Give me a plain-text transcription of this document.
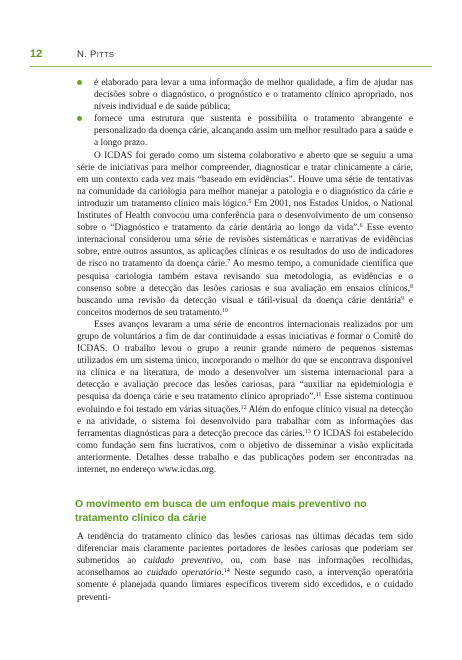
12	N. PITTS
é elaborado para levar a uma informação de melhor qualidade, a fim de ajudar nas decisões sobre o diagnóstico, o prognóstico e o tratamento clínico apropriado, nos níveis individual e de saúde pública;
fornece uma estrutura que sustenta e possibilita o tratamento abrangente e personalizado da doença cárie, alcançando assim um melhor resultado para a saúde e a longo prazo.

O ICDAS foi gerado como um sistema colaborativo e aberto que se seguiu a uma série de iniciativas para melhor compreender, diagnosticar e tratar clinicamente a cárie, em um contexto cada vez mais “baseado em evidências”. Houve uma série de tentativas na comunidade da cariologia para melhor manejar a patologia e o diagnóstico da cárie e introduzir um tratamento clínico mais lógico.$^5$ Em 2001, nos Estados Unidos, o National Institutes of Health convocou uma conferência para o desenvolvimento de um consenso sobre o “Diagnóstico e tratamento da cárie dentária ao longo da vida”.$^6$ Esse evento internacional considerou uma série de revisões sistemáticas e narrativas de evidências sobre, entre outros assuntos, as aplicações clínicas e os resultados do uso de indicadores de risco no tratamento da doença cárie.$^7$ Ao mesmo tempo, a comunidade científica que pesquisa cariologia também estava revisando sua metodologia, as evidências e o consenso sobre a detecção das lesões cariosas e sua avaliação em ensaios clínicos,$^8$ buscando uma revisão da detecção visual e tátil-visual da doença cárie dentária$^9$ e conceitos modernos de seu tratamento.$^{10}$

Esses avanços levaram a uma série de encontros internacionais realizados por um grupo de voluntários a fim de dar continuidade a essas iniciativas e formar o Comitê do ICDAS. O trabalho levou o grupo a reunir grande número de pequenos sistemas utilizados em um sistema único, incorporando o melhor do que se encontrava disponível na clínica e na literatura, de modo a desenvolver um sistema internacional para a detecção e avaliação precoce das lesões cariosas, para “auxiliar na epidemiologia e pesquisa da doença cárie e seu tratamento clínico apropriado”.$^{11}$ Esse sistema continuou evoluindo e foi testado em várias situações.$^{12}$ Além do enfoque clínico visual na detecção e na atividade, o sistema foi desenvolvido para trabalhar com as informações das ferramentas diagnósticas para a detecção precoce das cáries.$^{13}$ O ICDAS foi estabelecido como fundação sem fins lucrativos, com o objetivo de disseminar a visão explicitada anteriormente. Detalhes desse trabalho e das publicações podem ser encontradas na internet, no endereço www.icdas.org.

O movimento em busca de um enfoque mais preventivo no tratamento clínico da cárie

A tendência do tratamento clínico das lesões cariosas nas últimas décadas tem sido diferenciar mais claramente pacientes portadores de lesões cariosas que poderiam ser submetidos ao cuidado preventivo, ou, com base nas informações recolhidas, aconselhamos ao cuidado operatório.$^{14}$ Neste segundo caso, a intervenção operatória somente é planejada quando limiares específicos tiverem sido excedidos, e o cuidado preventi-
